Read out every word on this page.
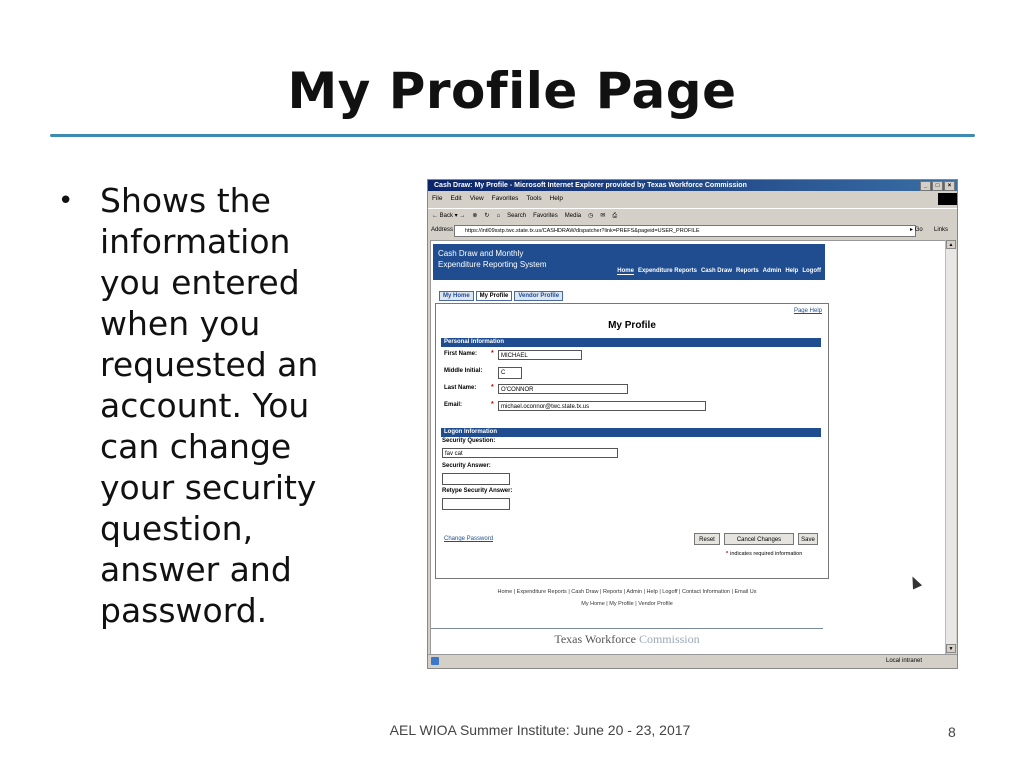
My Profile Page
• Shows the
information
you entered
when you
requested an
account. You
can change
your security
question,
answer and
password.
Cash Draw: My Profile - Microsoft Internet Explorer provided by Texas Workforce Commission	_	□	×
File Edit View Favorites Tools Help
← Back ▾ → ⊗ ↻ ⌂ Search Favorites Media ◷ ✉ ⎙
Address	https://intl09sstp.twc.state.tx.us/CASHDRAW/dispatcher?link=PREFS&pageid=USER_PROFILE	▸ Go Links
Cash Draw and Monthly
Expenditure Reporting System
Home Expenditure Reports Cash Draw Reports Admin Help Logoff
My Home	My Profile	Vendor Profile
Page Help
My Profile
Personal Information
First Name: *	MICHAEL
Middle Initial:	C
Last Name: *	O'CONNOR
Email:	*	michael.oconnor@twc.state.tx.us
Logon Information
Security Question:
fav cat
Security Answer:
Retype Security Answer:
Change Password	Reset	Cancel Changes	Save
* indicates required information
Home | Expenditure Reports | Cash Draw | Reports | Admin | Help | Logoff | Contact Information | Email Us
My Home | My Profile | Vendor Profile
Texas Workforce Commission
▲
▼
Local intranet
AEL WIOA Summer Institute: June 20 - 23, 2017	8
